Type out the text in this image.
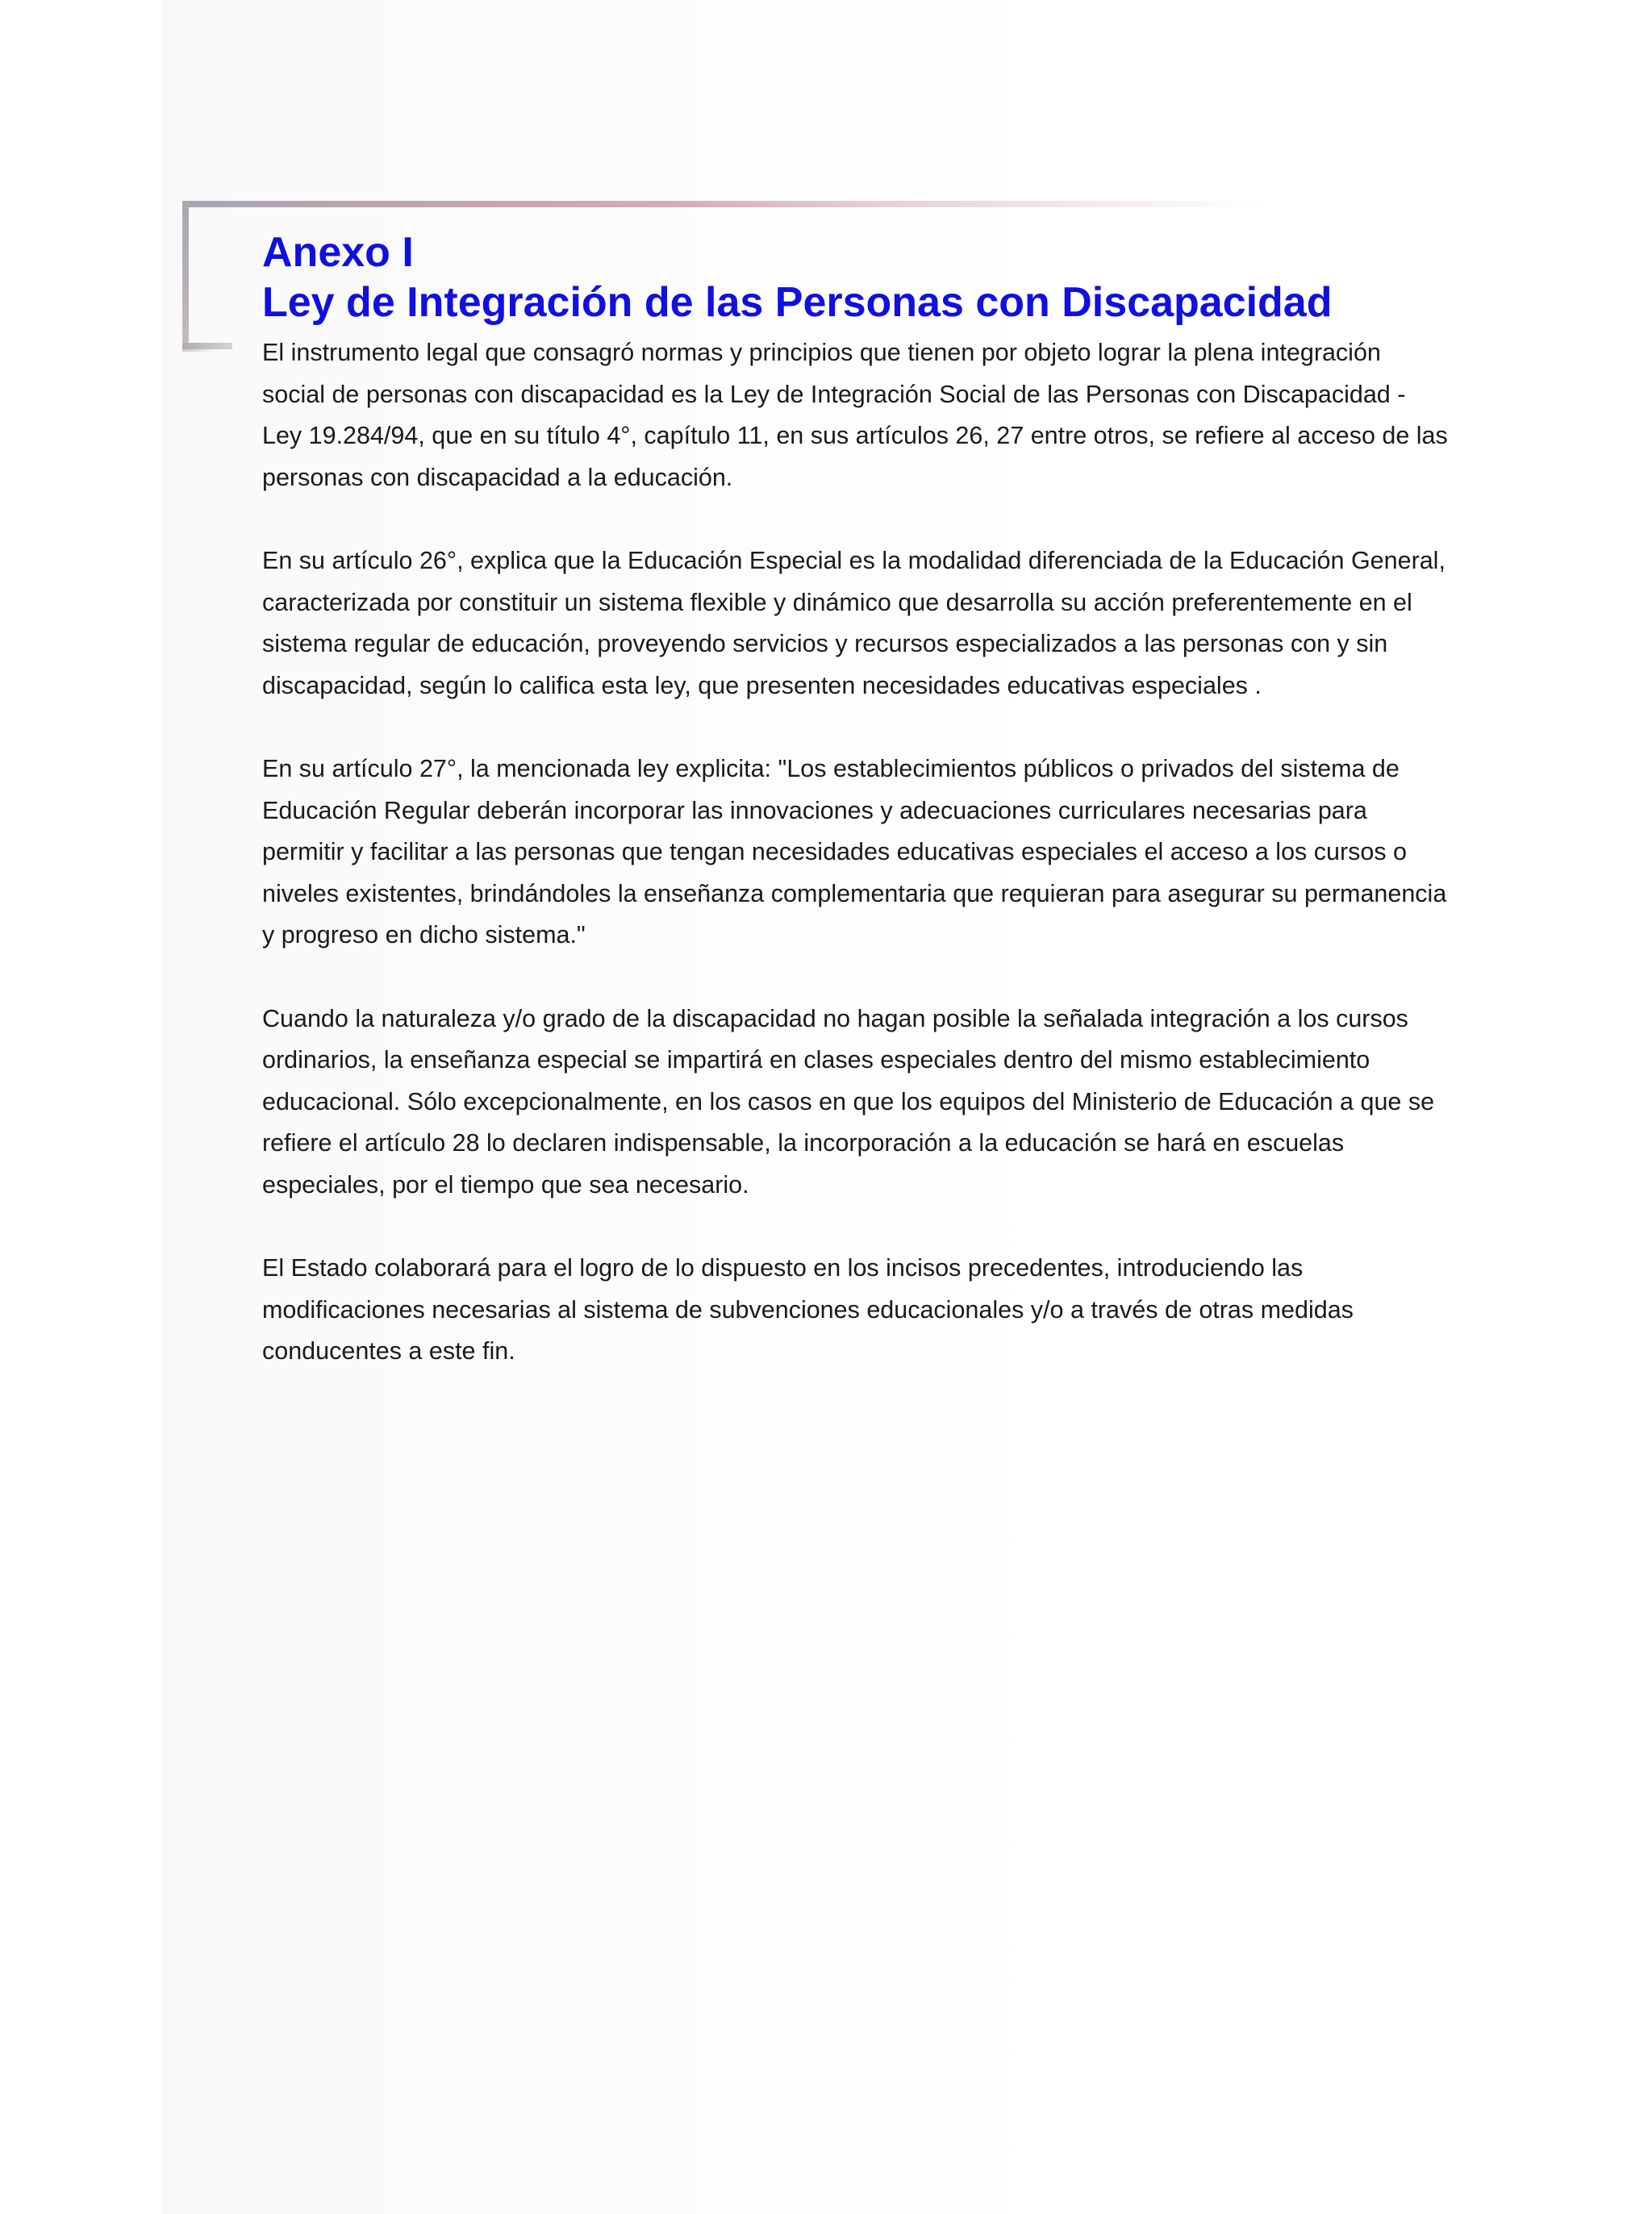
Anexo I
Ley de Integración de las Personas con Discapacidad

El instrumento legal que consagró normas y principios que tienen por objeto lograr la plena integración social de personas con discapacidad es la Ley de Integración Social de las Personas con Discapacidad - Ley 19.284/94, que en su título 4°, capítulo 11, en sus artículos 26, 27 entre otros, se refiere al acceso de las personas con discapacidad a la educación.

En su artículo 26°, explica que la Educación Especial es la modalidad diferenciada de la Educación General, caracterizada por constituir un sistema flexible y dinámico que desarrolla su acción preferentemente en el sistema regular de educación, proveyendo servicios y recursos especializados a las personas con y sin discapacidad, según lo califica esta ley, que presenten necesidades educativas especiales .

En su artículo 27°, la mencionada ley explicita: "Los establecimientos públicos o privados del sistema de Educación Regular deberán incorporar las innovaciones y adecuaciones curriculares necesarias para permitir y facilitar a las personas que tengan necesidades educativas especiales el acceso a los cursos o niveles existentes, brindándoles la enseñanza complementaria que requieran para asegurar su permanencia y progreso en dicho sistema."

Cuando la naturaleza y/o grado de la discapacidad no hagan posible la señalada integración a los cursos ordinarios, la enseñanza especial se impartirá en clases especiales dentro del mismo establecimiento educacional. Sólo excepcionalmente, en los casos en que los equipos del Ministerio de Educación a que se refiere el artículo 28 lo declaren indispensable, la incorporación a la educación se hará en escuelas especiales, por el tiempo que sea necesario.

El Estado colaborará para el logro de lo dispuesto en los incisos precedentes, introduciendo las modificaciones necesarias al sistema de subvenciones educacionales y/o a través de otras medidas conducentes a este fin.
